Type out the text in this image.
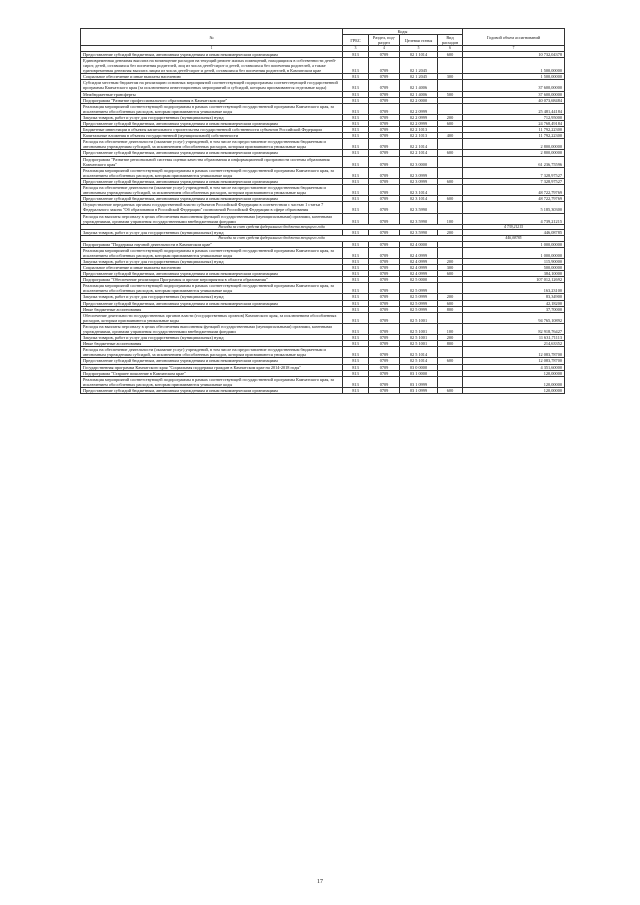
№	Коды				Годовой объем ассигнований
	ГРБС	Раздел, под-раздел	Целевая статья	Вид расходов	
1	3	4	5	6	7
Предоставление субсидий бюджетным, автономным учреждениям и иным некоммерческим организациям	813	0709	02 1 1014	600	10 732,04378
Единовременная денежная выплата на возмещение расходов на текущий ремонт жилых помещений, находящихся в собственности детей-сирот, детей, оставшихся без попечения родителей, лиц из числа детей-сирот и детей, оставшихся без попечения родителей, а также единовременная денежная выплата лицам из числа детей-сирот и детей, оставшихся без попечения родителей, в Камчатском крае	813	0709	02 1 2045		1 500,00000
Социальное обеспечение и иные выплаты населению	813	0709	02 1 2045	300	1 500,00000
Субсидии местным бюджетам на реализацию основных мероприятий соответствующей подпрограммы соответствующей государственной программы Камчатского края (за исключением инвестиционных мероприятий и субсидий, которым присваиваются отдельные коды)	813	0709	02 1 4006		37 600,00000
Межбюджетные трансферты	813	0709	02 1 4006	500	37 600,00000
Подпрограмма "Развитие профессионального образования в Камчатском крае"	813	0709	02 2 0000		40 073,68484
Реализация мероприятий соответствующей подпрограммы в рамках соответствующей государственной программы Камчатского края, за исключением обособленных расходов, которым присваиваются уникальные коды	813	0709	02 2 0999		25 481,44184
Закупка товаров, работ и услуг для государственных (муниципальных) нужд	813	0709	02 2 0999	200	712,95000
Предоставление субсидий бюджетным, автономным учреждениям и иным некоммерческим организациям	813	0709	02 2 0999	600	24 768,49184
Бюджетные инвестиции в объекты капитального строительства государственной собственности субъектов Российской Федерации	813	0709	02 2 1013		11 792,22300
Капитальные вложения в объекты государственной (муниципальной) собственности	813	0709	02 2 1013	400	11 792,22300
Расходы на обеспечение деятельности (оказание услуг) учреждений, в том числе на предоставление государственным бюджетным и автономным учреждениям субсидий, за исключением обособленных расходов, которым присваиваются уникальные коды	813	0709	02 2 1014		2 800,00000
Предоставление субсидий бюджетным, автономным учреждениям и иным некоммерческим организациям	813	0709	02 2 1014	600	2 800,00000
Подпрограмма "Развитие региональной системы оценки качества образования и информационной прозрачности системы образования Камчатского края"	813	0709	02 3 0000		61 236,75596
Реализация мероприятий соответствующей подпрограммы в рамках соответствующей государственной программы Камчатского края, за исключением обособленных расходов, которым присваиваются уникальные коды	813	0709	02 3 0999		7 328,97527
Предоставление субсидий бюджетным, автономным учреждениям и иным некоммерческим организациям	813	0709	02 3 0999	600	7 328,97527
Расходы на обеспечение деятельности (оказание услуг) учреждений, в том числе на предоставление государственным бюджетным и автономным учреждениям субсидий, за исключением обособленных расходов, которым присваиваются уникальные коды	813	0709	02 3 1014		48 722,79769
Предоставление субсидий бюджетным, автономным учреждениям и иным некоммерческим организациям	813	0709	02 3 1014	600	48 722,79769
Осуществление переданных органам государственной власти субъектов Российской Федерации в соответствии с частью 1 статьи 7 Федерального закона "Об образовании в Российской Федерации" полномочий Российской Федерации в сфере образования	813	0709	02 3 5990		5 185,30300
Расходы на выплаты персоналу в целях обеспечения выполнения функций государственными (муниципальными) органами, казенными учреждениями, органами управления государственными внебюджетными фондами	813	0709	02 3 5990	100	4 739,21215
Расходы за счет средств федерального бюджета текущего года					4 739,21215
Закупка товаров, работ и услуг для государственных (муниципальных) нужд	813	0709	02 3 5990	200	446,08785
Расходы за счет средств федерального бюджета текущего года					446,08785
Подпрограмма "Поддержка научной деятельности в Камчатском крае"	813	0709	02 4 0000		1 000,00000
Реализация мероприятий соответствующей подпрограммы в рамках соответствующей государственной программы Камчатского края, за исключением обособленных расходов, которым присваиваются уникальные коды	813	0709	02 4 0999		1 000,00000
Закупка товаров, работ и услуг для государственных (муниципальных) нужд	813	0709	02 4 0999	200	115,90000
Социальное обеспечение и иные выплаты населению	813	0709	02 4 0999	300	500,00000
Предоставление субсидий бюджетным, автономным учреждениям и иным некоммерческим организациям	813	0709	02 4 0999	600	384,10000
Подпрограмма "Обеспечение реализации Программы и прочие мероприятия в области образования"	813	0709	02 5 0000		107 012,12692
Реализация мероприятий соответствующей подпрограммы в рамках соответствующей государственной программы Камчатского края, за исключением обособленных расходов, которым присваиваются уникальные коды	813	0709	02 5 0999		163,23100
Закупка товаров, работ и услуг для государственных (муниципальных) нужд	813	0709	02 5 0999	200	83,34900
Предоставление субсидий бюджетным, автономным учреждениям и иным некоммерческим организациям	813	0709	02 5 0999	600	42,18200
Иные бюджетные ассигнования	813	0709	02 5 0999	800	37,70000
Обеспечение деятельности государственных органов власти (государственных органов) Камчатского края, за исключением обособленных расходов, которым присваиваются уникальные коды	813	0709	02 5 1001		94 765,10892
Расходы на выплаты персоналу в целях обеспечения выполнения функций государственными (муниципальными) органами, казенными учреждениями, органами управления государственными внебюджетными фондами	813	0709	02 5 1001	100	82 918,76427
Закупка товаров, работ и услуг для государственных (муниципальных) нужд	813	0709	02 5 1001	200	11 631,71113
Иные бюджетные ассигнования	813	0709	02 5 1001	800	214,63352
Расходы на обеспечение деятельности (оказание услуг) учреждений, в том числе на предоставление государственным бюджетным и автономным учреждениям субсидий, за исключением обособленных расходов, которым присваиваются уникальные коды	813	0709	02 5 1014		12 083,78700
Предоставление субсидий бюджетным, автономным учреждениям и иным некоммерческим организациям	813	0709	02 5 1014	600	12 083,78700
Государственная программа Камчатского края "Социальная поддержка граждан в Камчатском крае на 2014-2018 годы"	813	0709	03 0 0000		4 351,60000
Подпрограмма "Старшее поколение в Камчатском крае"	813	0709	03 1 0000		120,00000
Реализация мероприятий соответствующей подпрограммы в рамках соответствующей государственной программы Камчатского края, за исключением обособленных расходов, которым присваиваются уникальные коды	813	0709	03 1 0999		120,00000
Предоставление субсидий бюджетным, автономным учреждениям и иным некоммерческим организациям	813	0709	03 1 0999	600	120,00000
17
